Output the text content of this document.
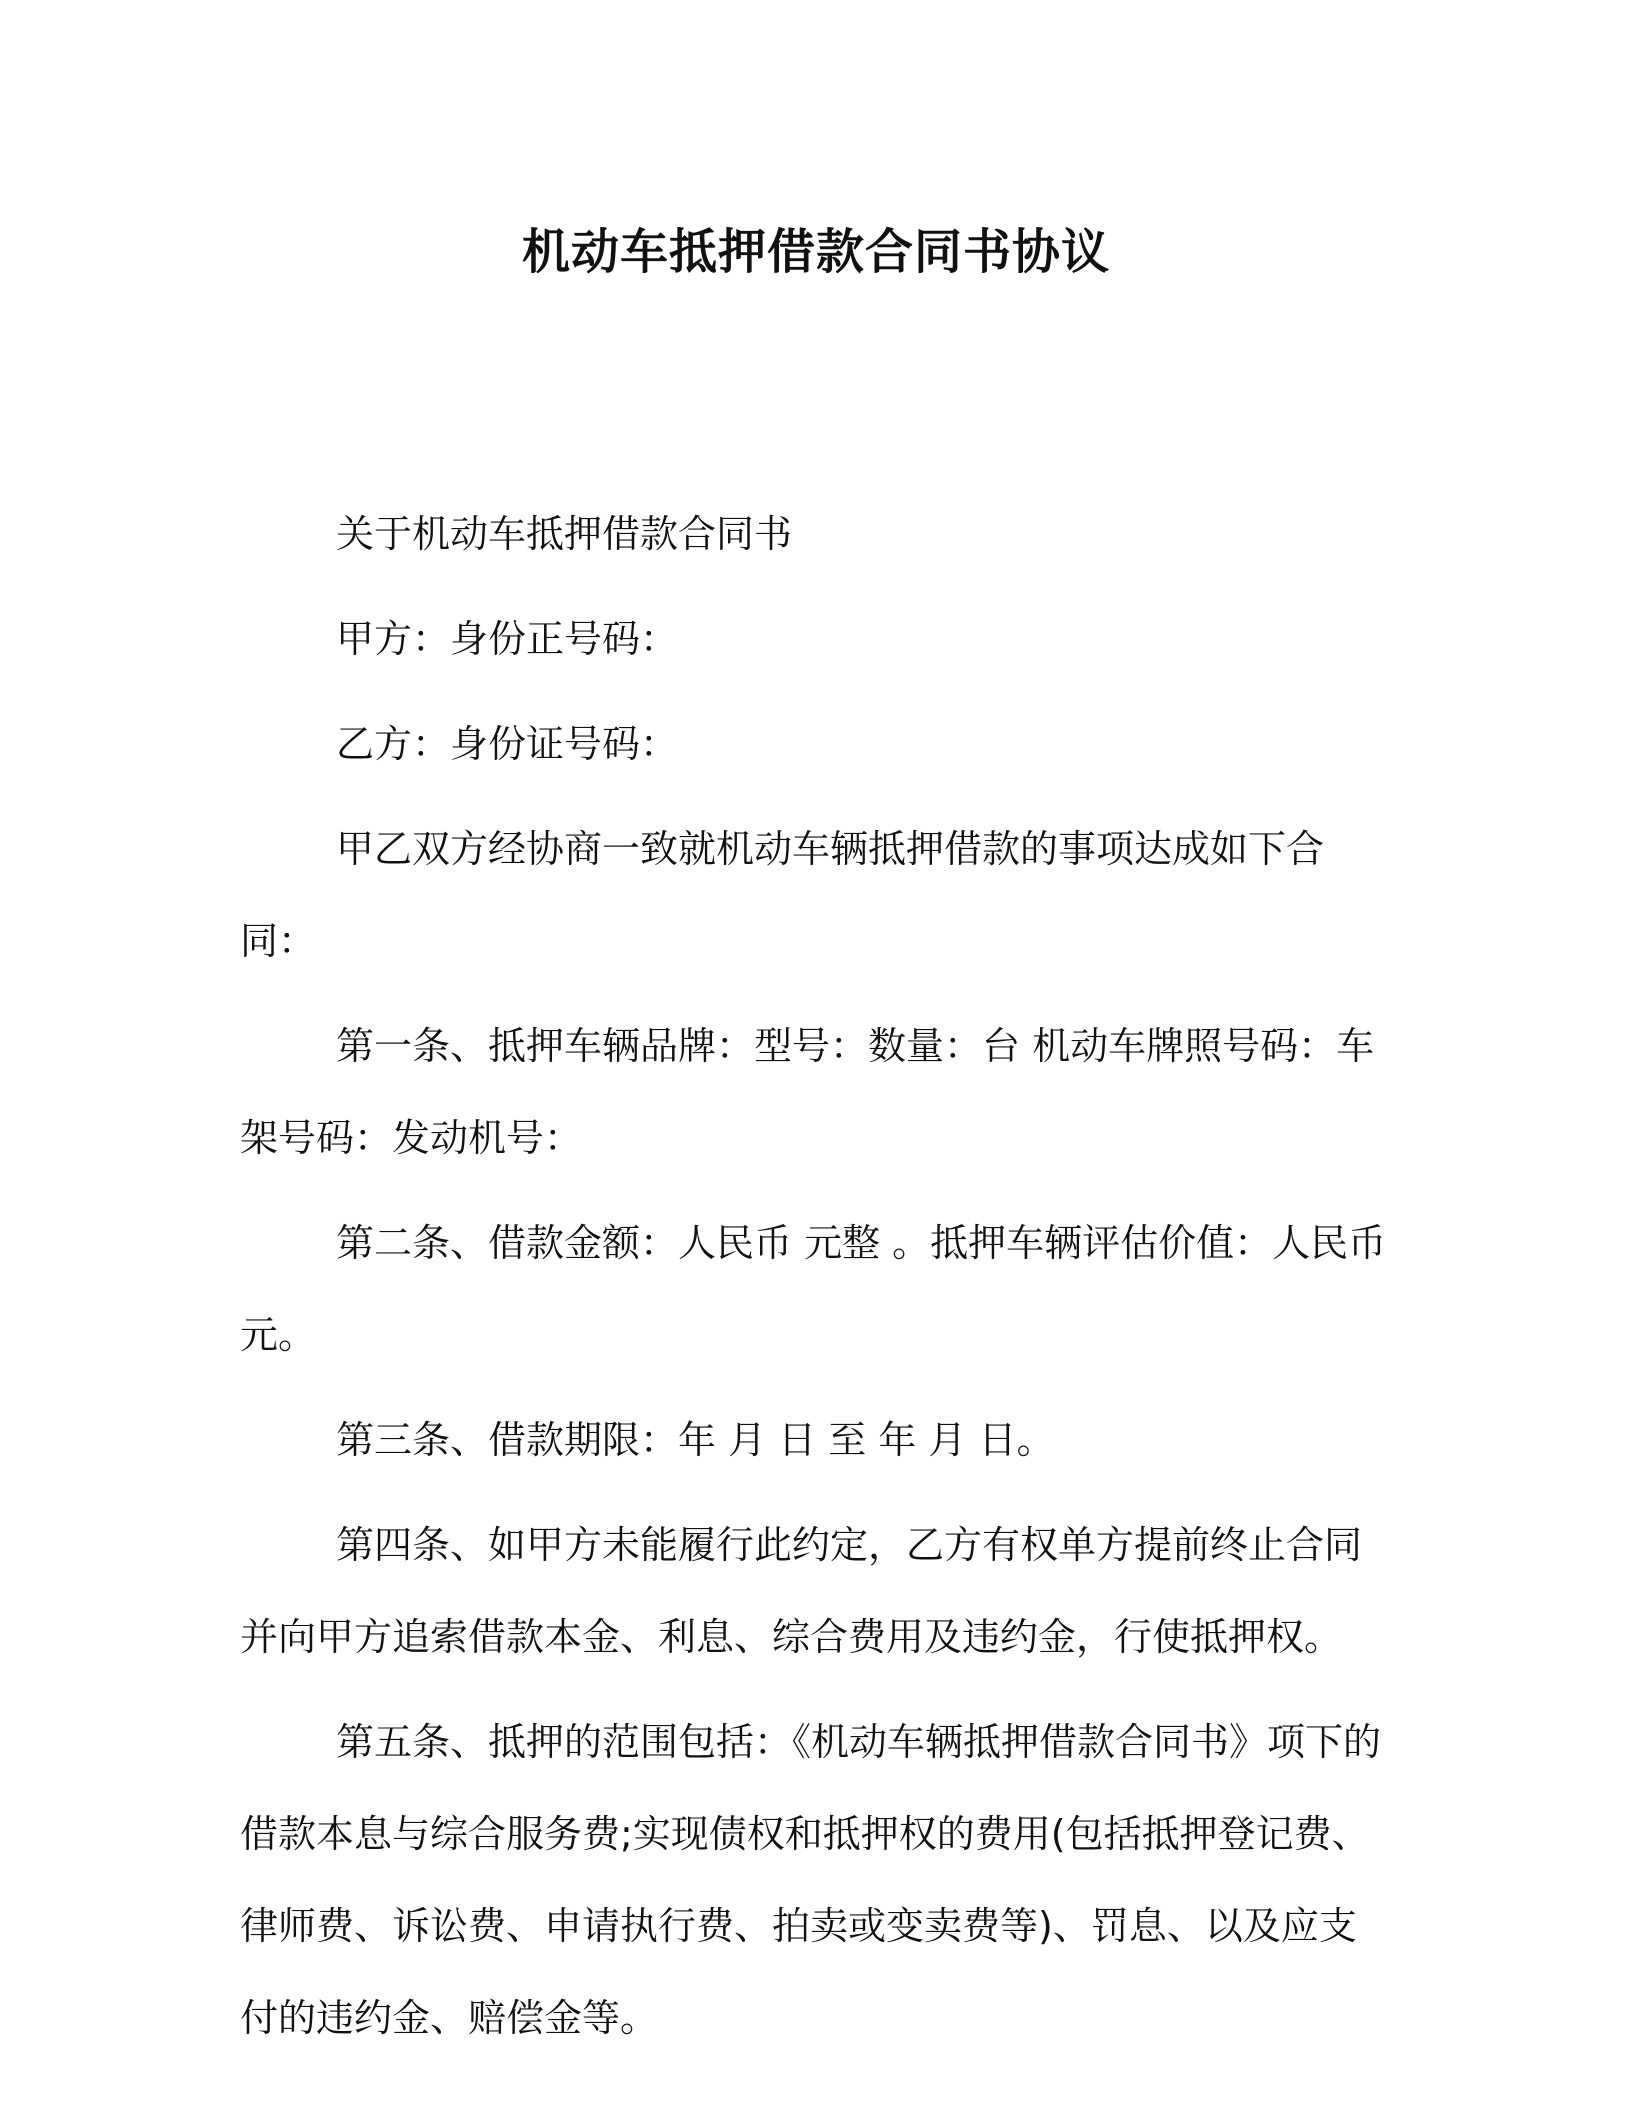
机动车抵押借款合同书协议

关于机动车抵押借款合同书

甲方：身份正号码：

乙方：身份证号码：

甲乙双方经协商一致就机动车辆抵押借款的事项达成如下合同：

第一条、抵押车辆品牌：型号：数量：台 机动车牌照号码：车架号码：发动机号：

第二条、借款金额：人民币 元整 。抵押车辆评估价值：人民币 元。

第三条、借款期限：年 月 日 至 年 月 日。

第四条、如甲方未能履行此约定，乙方有权单方提前终止合同并向甲方追索借款本金、利息、综合费用及违约金，行使抵押权。

第五条、抵押的范围包括：《机动车辆抵押借款合同书》项下的借款本息与综合服务费;实现债权和抵押权的费用(包括抵押登记费、律师费、诉讼费、申请执行费、拍卖或变卖费等)、罚息、以及应支付的违约金、赔偿金等。
